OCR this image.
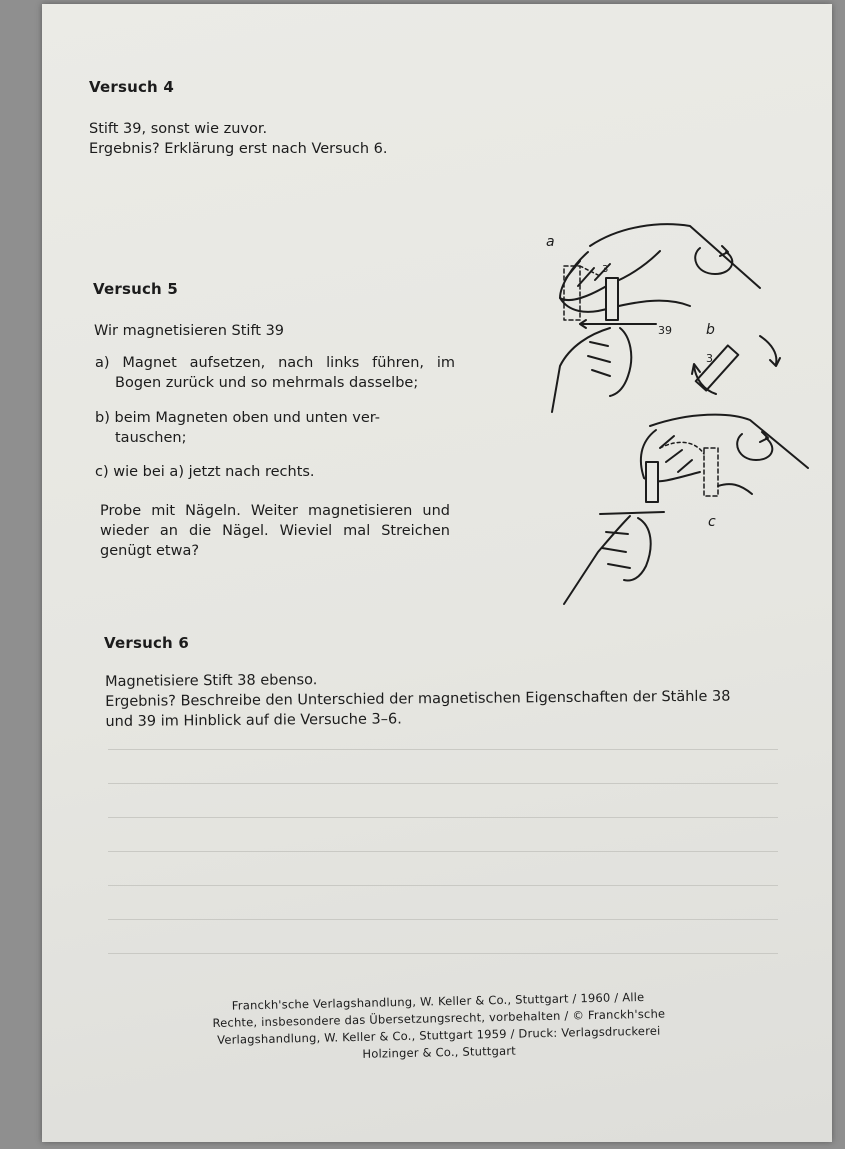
Versuch 4
Stift 39, sonst wie zuvor.
Ergebnis? Erklärung erst nach Versuch 6.
Versuch 5
Wir magnetisieren Stift 39
a) Magnet aufsetzen, nach links führen, im
Bogen zurück und so mehrmals dasselbe;
b) beim Magneten oben und unten ver-
tauschen;
c) wie bei a) jetzt nach rechts.
Probe mit Nägeln. Weiter magnetisieren und
wieder an die Nägel. Wieviel mal Streichen
genügt etwa?
a
3
39 b
3
c
Versuch 6
Magnetisiere Stift 38 ebenso.
Ergebnis? Beschreibe den Unterschied der magnetischen Eigenschaften der Stähle 38
und 39 im Hinblick auf die Versuche 3–6.
Franckh'sche Verlagshandlung, W. Keller & Co., Stuttgart / 1960 / Alle
Rechte, insbesondere das Übersetzungsrecht, vorbehalten / © Franckh'sche
Verlagshandlung, W. Keller & Co., Stuttgart 1959 / Druck: Verlagsdruckerei
Holzinger & Co., Stuttgart
